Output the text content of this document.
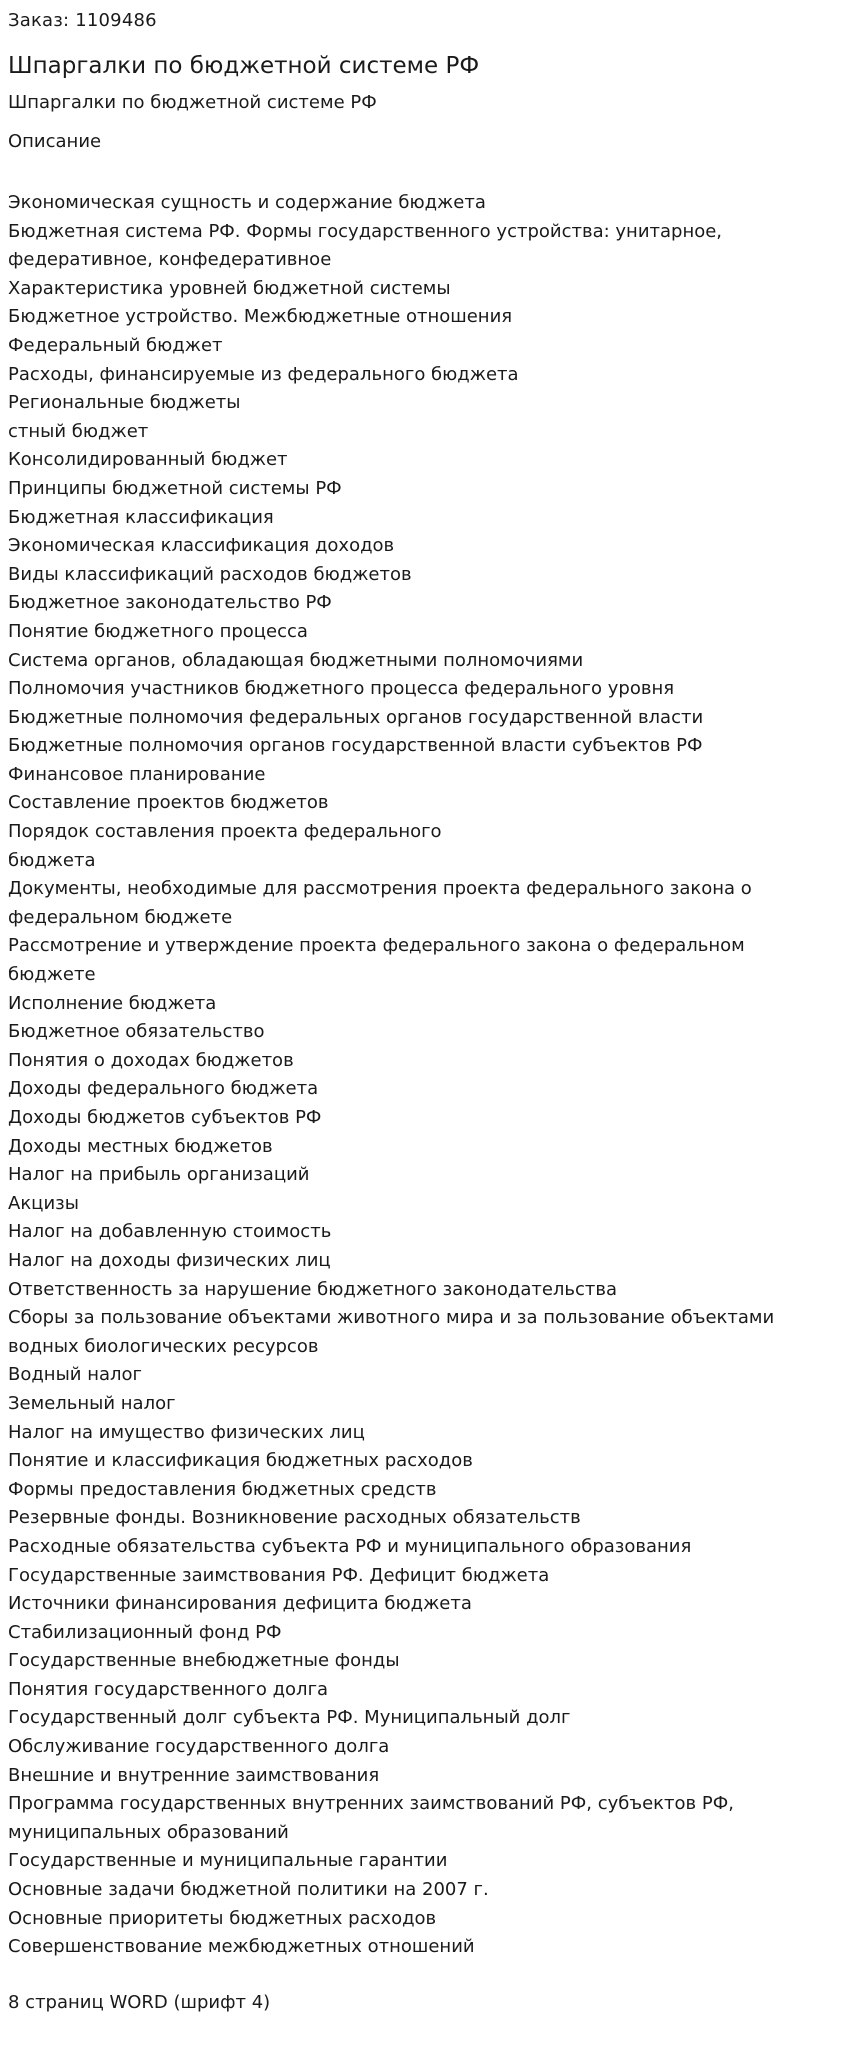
Заказ: 1109486

Шпаргалки по бюджетной системе РФ

Шпаргалки по бюджетной системе РФ

Описание

Экономическая сущность и содержание бюджета
Бюджетная система РФ. Формы государственного устройства: унитарное, федеративное, конфедеративное
Характеристика уровней бюджетной системы
Бюджетное устройство. Межбюджетные отношения
Федеральный бюджет
Расходы, финансируемые из федерального бюджета
Региональные бюджеты
стный бюджет
Консолидированный бюджет
Принципы бюджетной системы РФ
Бюджетная классификация
Экономическая классификация доходов
Виды классификаций расходов бюджетов
Бюджетное законодательство РФ
Понятие бюджетного процесса
Система органов, обладающая бюджетными полномочиями
Полномочия участников бюджетного процесса федерального уровня
Бюджетные полномочия федеральных органов государственной власти
Бюджетные полномочия органов государственной власти субъектов РФ
Финансовое планирование
Составление проектов бюджетов
Порядок составления проекта федерального
бюджета
Документы, необходимые для рассмотрения проекта федерального закона о федеральном бюджете
Рассмотрение и утверждение проекта федерального закона о федеральном бюджете
Исполнение бюджета
Бюджетное обязательство
Понятия о доходах бюджетов
Доходы федерального бюджета
Доходы бюджетов субъектов РФ
Доходы местных бюджетов
Налог на прибыль организаций
Акцизы
Налог на добавленную стоимость
Налог на доходы физических лиц
Ответственность за нарушение бюджетного законодательства
Сборы за пользование объектами животного мира и за пользование объектами водных биологических ресурсов
Водный налог
Земельный налог
Налог на имущество физических лиц
Понятие и классификация бюджетных расходов
Формы предоставления бюджетных средств
Резервные фонды. Возникновение расходных обязательств
Расходные обязательства субъекта РФ и муниципального образования
Государственные заимствования РФ. Дефицит бюджета
Источники финансирования дефицита бюджета
Стабилизационный фонд РФ
Государственные внебюджетные фонды
Понятия государственного долга
Государственный долг субъекта РФ. Муниципальный долг
Обслуживание государственного долга
Внешние и внутренние заимствования
Программа государственных внутренних заимствований РФ, субъектов РФ, муниципальных образований
Государственные и муниципальные гарантии
Основные задачи бюджетной политики на 2007 г.
Основные приоритеты бюджетных расходов
Совершенствование межбюджетных отношений

8 страниц WORD (шрифт 4)
